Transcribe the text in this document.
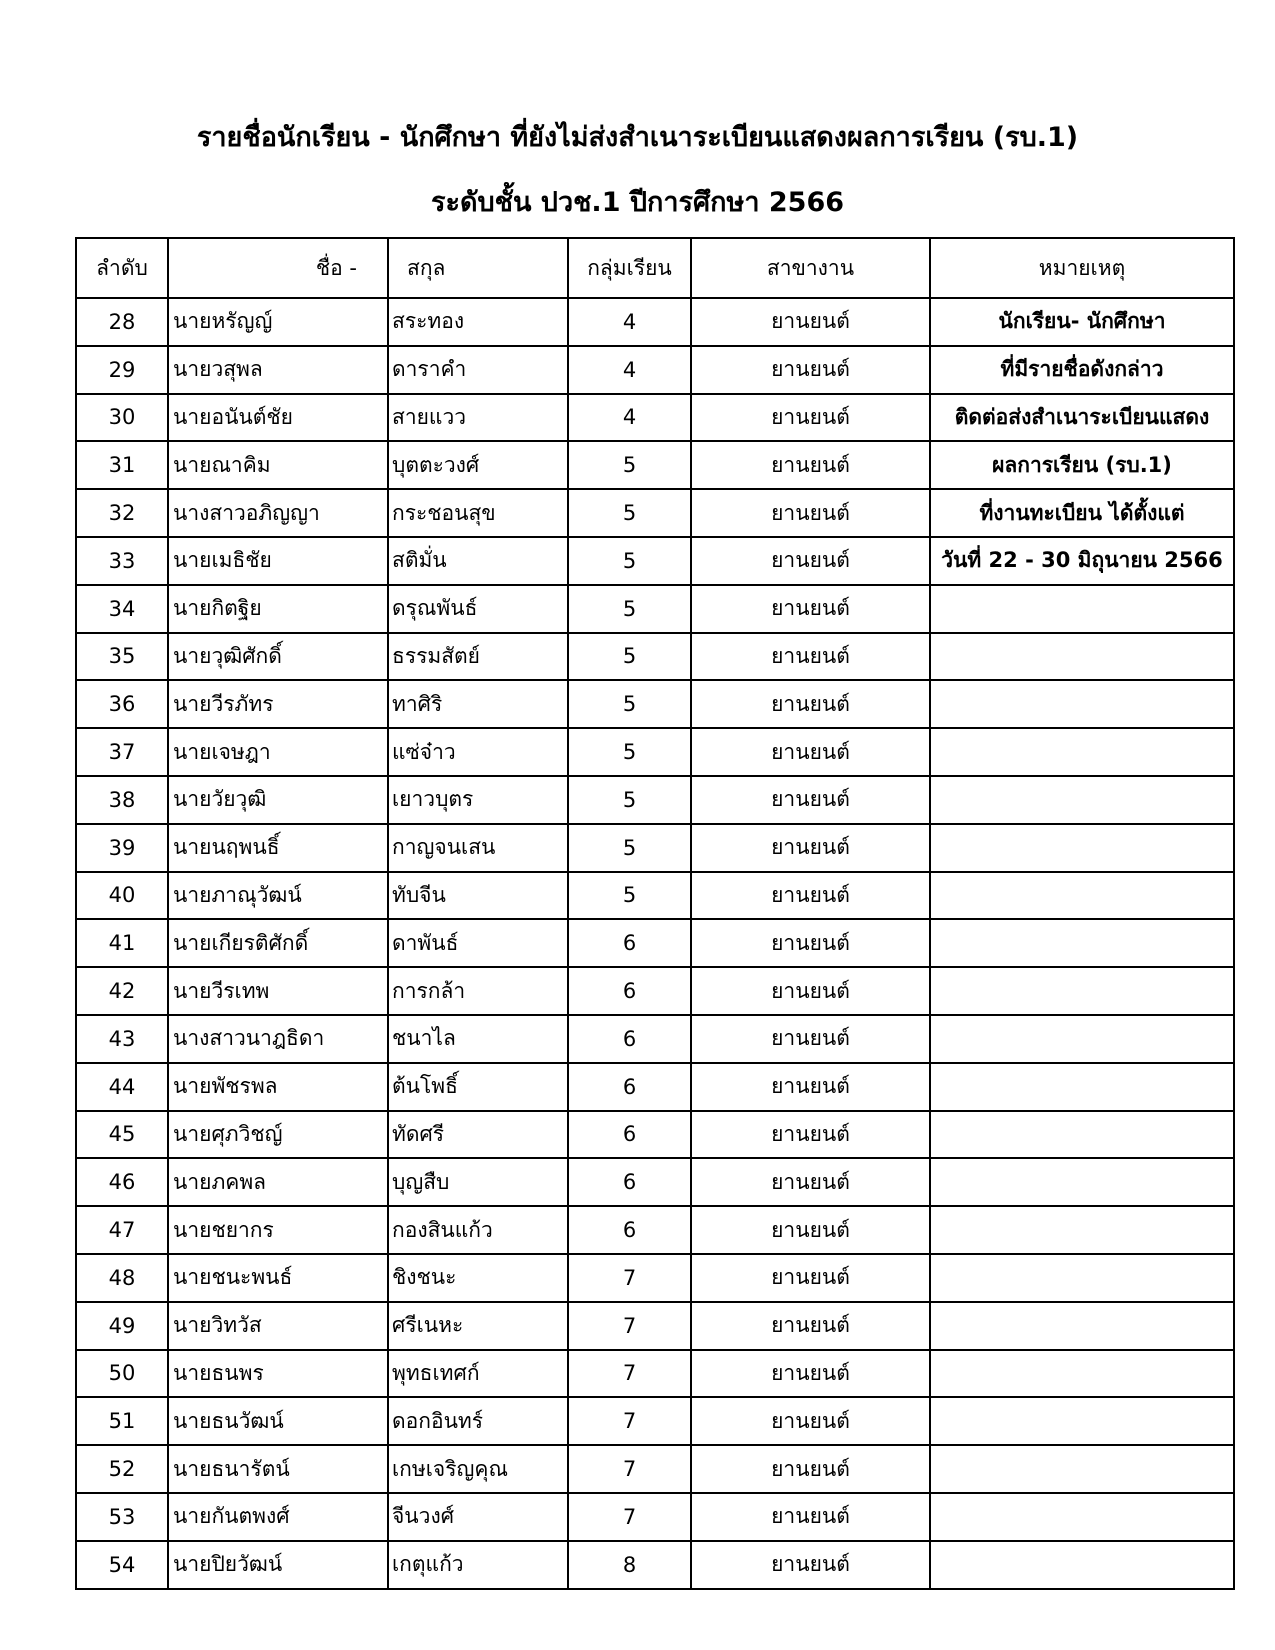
รายชื่อนักเรียน - นักศึกษา ที่ยังไม่ส่งสำเนาระเบียนแสดงผลการเรียน (รบ.1)
ระดับชั้น ปวช.1 ปีการศึกษา 2566
ลำดับ	ชื่อ -	สกุล	กลุ่มเรียน	สาขางาน	หมายเหตุ
28	นายหรัญญ์	สระทอง	4	ยานยนต์	นักเรียน- นักศึกษา
29	นายวสุพล	ดาราคำ	4	ยานยนต์	ที่มีรายชื่อดังกล่าว
30	นายอนันต์ชัย	สายแวว	4	ยานยนต์	ติดต่อส่งสำเนาระเบียนแสดง
31	นายณาคิม	บุตตะวงศ์	5	ยานยนต์	ผลการเรียน (รบ.1)
32	นางสาวอภิญญา	กระชอนสุข	5	ยานยนต์	ที่งานทะเบียน ได้ตั้งแต่
33	นายเมธิชัย	สติมั่น	5	ยานยนต์	วันที่ 22 - 30 มิถุนายน 2566
34	นายกิตฐิย	ดรุณพันธ์	5	ยานยนต์	
35	นายวุฒิศักดิ์	ธรรมสัตย์	5	ยานยนต์	
36	นายวีรภัทร	ทาศิริ	5	ยานยนต์	
37	นายเจษฎา	แซ่จ๋าว	5	ยานยนต์	
38	นายวัยวุฒิ	เยาวบุตร	5	ยานยนต์	
39	นายนฤพนธิ์	กาญจนเสน	5	ยานยนต์	
40	นายภาณุวัฒน์	ทับจีน	5	ยานยนต์	
41	นายเกียรติศักดิ์	ดาพันธ์	6	ยานยนต์	
42	นายวีรเทพ	การกล้า	6	ยานยนต์	
43	นางสาวนาฎธิดา	ชนาไล	6	ยานยนต์	
44	นายพัชรพล	ต้นโพธิ์	6	ยานยนต์	
45	นายศุภวิชญ์	ทัดศรี	6	ยานยนต์	
46	นายภคพล	บุญสืบ	6	ยานยนต์	
47	นายชยากร	กองสินแก้ว	6	ยานยนต์	
48	นายชนะพนธ์	ชิงชนะ	7	ยานยนต์	
49	นายวิทวัส	ศรีเนหะ	7	ยานยนต์	
50	นายธนพร	พุทธเทศก์	7	ยานยนต์	
51	นายธนวัฒน์	ดอกอินทร์	7	ยานยนต์	
52	นายธนารัตน์	เกษเจริญคุณ	7	ยานยนต์	
53	นายกันตพงศ์	จีนวงศ์	7	ยานยนต์	
54	นายปิยวัฒน์	เกตุแก้ว	8	ยานยนต์	
